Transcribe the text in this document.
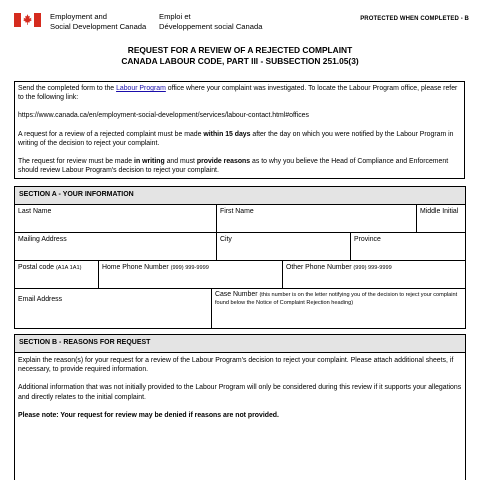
Employment and
Social Development Canada
Emploi et
Développement social Canada
PROTECTED WHEN COMPLETED - B
REQUEST FOR A REVIEW OF A REJECTED COMPLAINT
CANADA LABOUR CODE, PART III - SUBSECTION 251.05(3)

Send the completed form to the Labour Program office where your complaint was investigated. To locate the Labour Program office, please refer to the following link:

https://www.canada.ca/en/employment-social-development/services/labour-contact.html#offices

A request for a review of a rejected complaint must be made within 15 days after the day on which you were notified by the Labour Program in writing of the decision to reject your complaint.

The request for review must be made in writing and must provide reasons as to why you believe the Head of Compliance and Enforcement should review Labour Program's decision to reject your complaint.

SECTION A - YOUR INFORMATION
Last Name	First Name	Middle Initial
Mailing Address	City	Province
Postal code (A1A 1A1)	Home Phone Number (999) 999-9999	Other Phone Number (999) 999-9999
Email Address
Case Number (this number is on the letter notifying you of the decision to reject your complaint found below the Notice of Complaint Rejection heading)
SECTION B - REASONS FOR REQUEST

Explain the reason(s) for your request for a review of the Labour Program's decision to reject your complaint. Please attach additional sheets, if necessary, to provide required information.

Additional information that was not initially provided to the Labour Program will only be considered during this review if it supports your allegations and directly relates to the initial complaint.

Please note: Your request for review may be denied if reasons are not provided.
